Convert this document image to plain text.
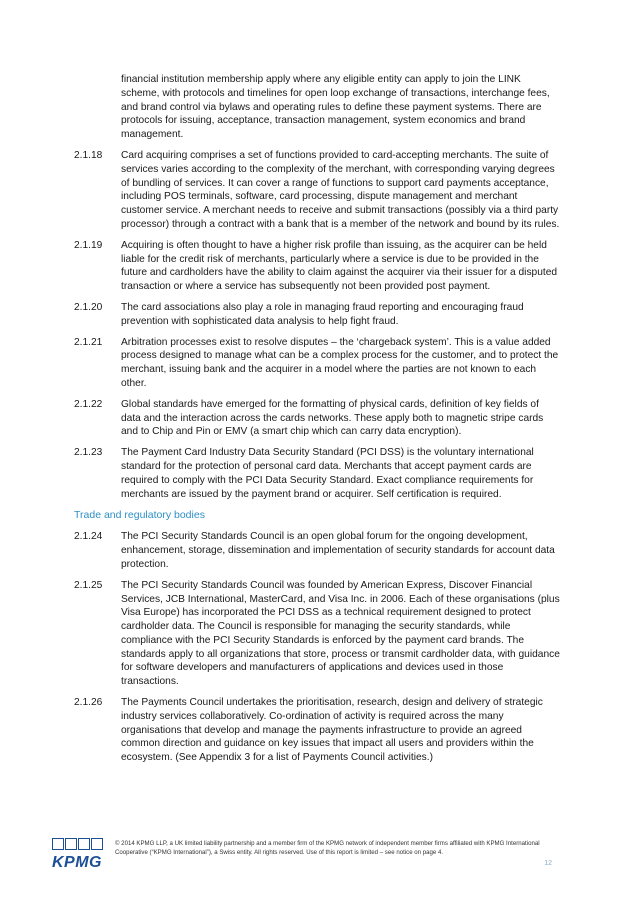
financial institution membership apply where any eligible entity can apply to join the LINK scheme, with protocols and timelines for open loop exchange of transactions, interchange fees, and brand control via bylaws and operating rules to define these payment systems. There are protocols for issuing, acceptance, transaction management, system economics and brand management.

2.1.18	Card acquiring comprises a set of functions provided to card-accepting merchants. The suite of services varies according to the complexity of the merchant, with corresponding varying degrees of bundling of services. It can cover a range of functions to support card payments acceptance, including POS terminals, software, card processing, dispute management and merchant customer service. A merchant needs to receive and submit transactions (possibly via a third party processor) through a contract with a bank that is a member of the network and bound by its rules.

2.1.19	Acquiring is often thought to have a higher risk profile than issuing, as the acquirer can be held liable for the credit risk of merchants, particularly where a service is due to be provided in the future and cardholders have the ability to claim against the acquirer via their issuer for a disputed transaction or where a service has subsequently not been provided post payment.

2.1.20	The card associations also play a role in managing fraud reporting and encouraging fraud prevention with sophisticated data analysis to help fight fraud.

2.1.21	Arbitration processes exist to resolve disputes – the ‘chargeback system’. This is a value added process designed to manage what can be a complex process for the customer, and to protect the merchant, issuing bank and the acquirer in a model where the parties are not known to each other.

2.1.22	Global standards have emerged for the formatting of physical cards, definition of key fields of data and the interaction across the cards networks. These apply both to magnetic stripe cards and to Chip and Pin or EMV (a smart chip which can carry data encryption).

2.1.23	The Payment Card Industry Data Security Standard (PCI DSS) is the voluntary international standard for the protection of personal card data. Merchants that accept payment cards are required to comply with the PCI Data Security Standard. Exact compliance requirements for merchants are issued by the payment brand or acquirer. Self certification is required.

Trade and regulatory bodies
2.1.24	The PCI Security Standards Council is an open global forum for the ongoing development, enhancement, storage, dissemination and implementation of security standards for account data protection.

2.1.25	The PCI Security Standards Council was founded by American Express, Discover Financial Services, JCB International, MasterCard, and Visa Inc. in 2006. Each of these organisations (plus Visa Europe) has incorporated the PCI DSS as a technical requirement designed to protect cardholder data. The Council is responsible for managing the security standards, while compliance with the PCI Security Standards is enforced by the payment card brands. The standards apply to all organizations that store, process or transmit cardholder data, with guidance for software developers and manufacturers of applications and devices used in those transactions.

2.1.26	The Payments Council undertakes the prioritisation, research, design and delivery of strategic industry services collaboratively. Co-ordination of activity is required across the many organisations that develop and manage the payments infrastructure to provide an agreed common direction and guidance on key issues that impact all users and providers within the ecosystem. (See Appendix 3 for a list of Payments Council activities.)

KPMG

© 2014 KPMG LLP, a UK limited liability partnership and a member firm of the KPMG network of independent member firms affiliated with KPMG International Cooperative (“KPMG International”), a Swiss entity. All rights reserved. Use of this report is limited – see notice on page 4.

12
